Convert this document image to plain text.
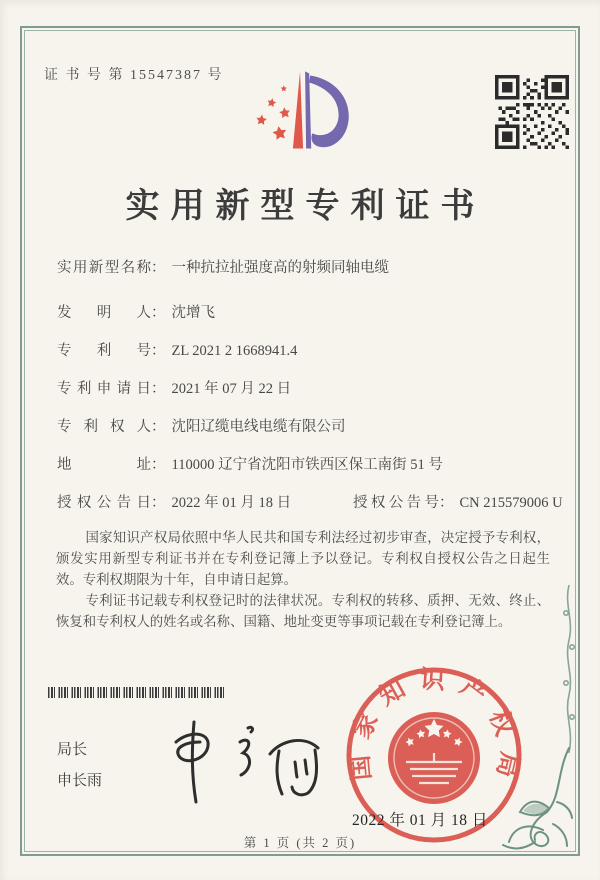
证 书 号 第 15547387 号
实用新型专利证书
实用新型名称： 一种抗拉扯强度高的射频同轴电缆
发明人： 沈增飞
专利号： ZL 2021 2 1668941.4
专利申请日： 2021 年 07 月 22 日
专利权人： 沈阳辽缆电线电缆有限公司
地址： 110000 辽宁省沈阳市铁西区保工南街 51 号
授权公告日： 2022 年 01 月 18 日	授权公告号： CN 215579006 U

国家知识产权局依照中华人民共和国专利法经过初步审查，决定授予专利权，颁发实用新型专利证书并在专利登记簿上予以登记。专利权自授权公告之日起生效。专利权期限为十年，自申请日起算。

专利证书记载专利权登记时的法律状况。专利权的转移、质押、无效、终止、恢复和专利权人的姓名或名称、国籍、地址变更等事项记载在专利登记簿上。

局长
申长雨	国家知识产权局
2022 年 01 月 18 日
第 1 页 (共 2 页)
